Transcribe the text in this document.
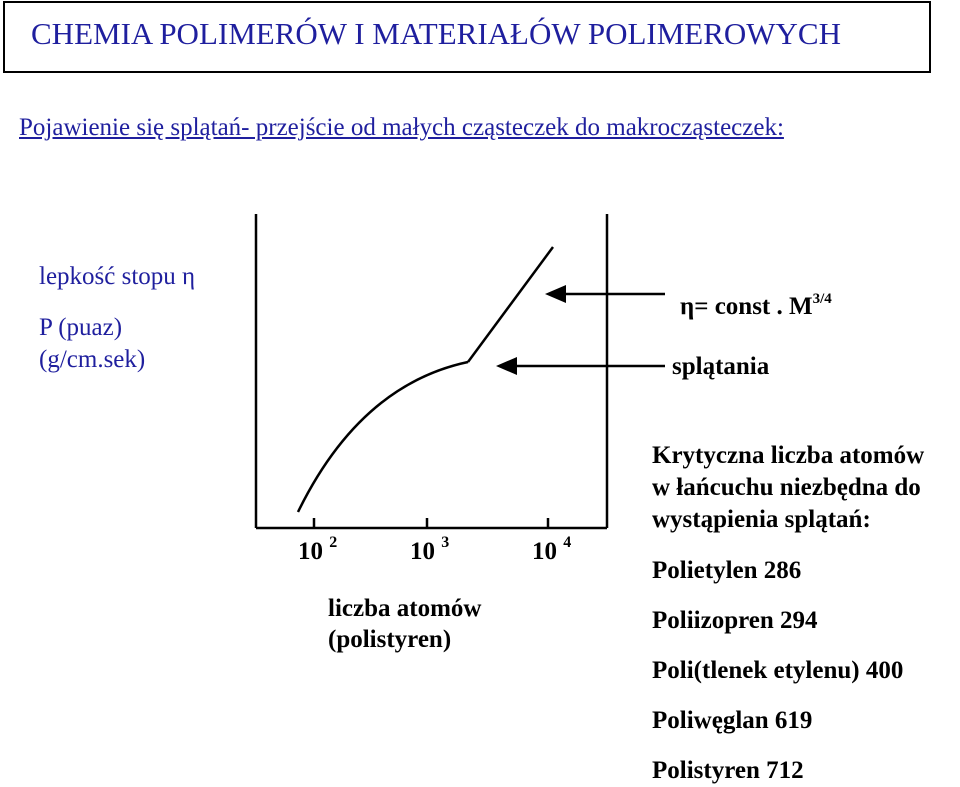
CHEMIA POLIMERÓW I MATERIAŁÓW POLIMEROWYCH
Pojawienie się splątań- przejście od małych cząsteczek do makrocząsteczek:
lepkość stopu η
P (puaz)
(g/cm.sek)
η= const . $M^{3/4}$
splątania
10 $^2$	10 $^3$	10 $^4$
liczba atomów
(polistyren)
Krytyczna liczba atomów
w łańcuchu niezbędna do
wystąpienia splątań:
Polietylen 286
Poliizopren 294
Poli(tlenek etylenu) 400
Poliwęglan 619
Polistyren 712
